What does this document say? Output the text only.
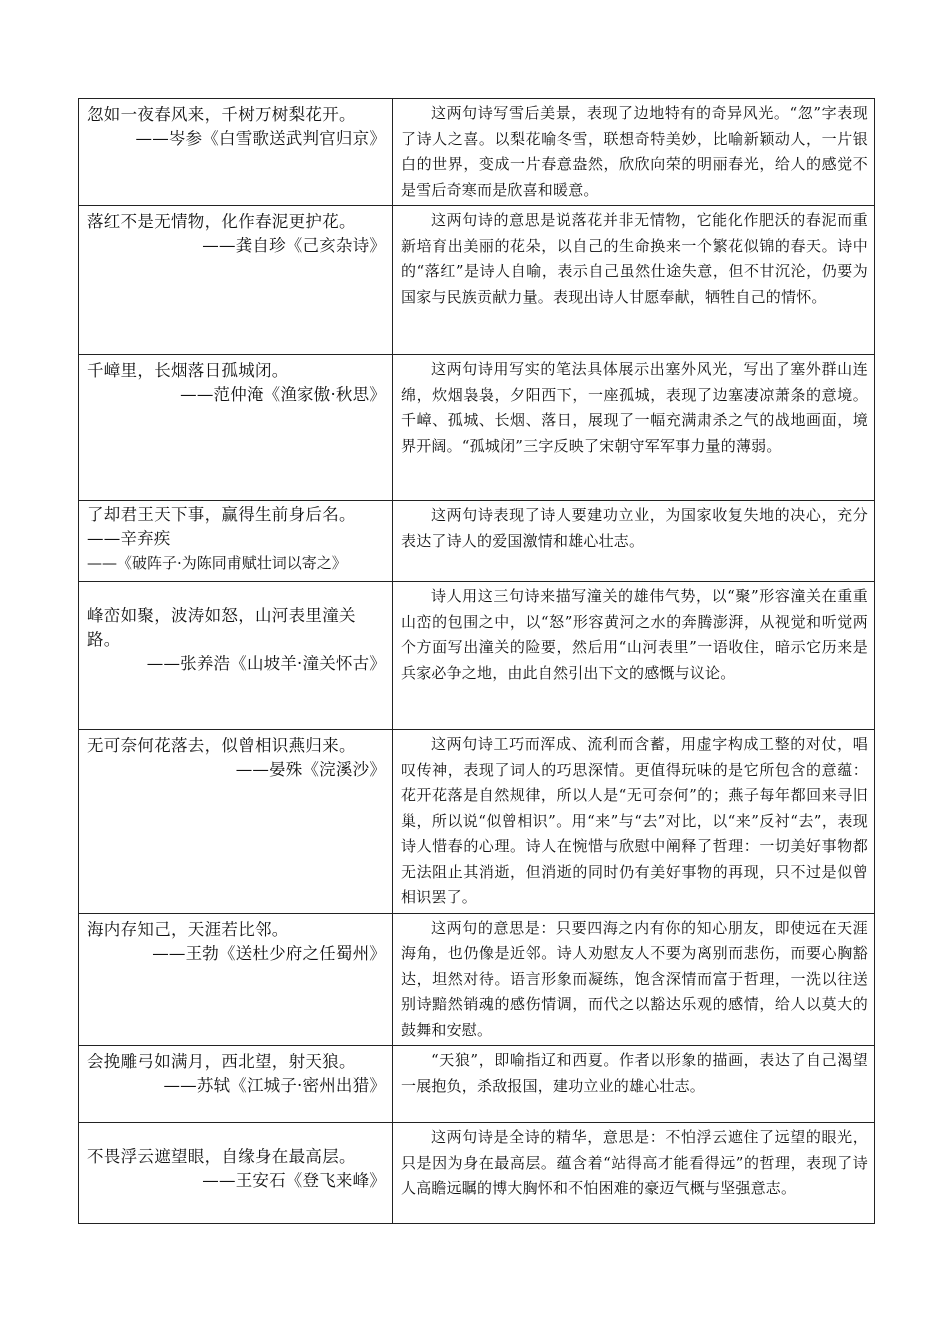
忽如一夜春风来，千树万树梨花开。
——岑参《白雪歌送武判官归京》	这两句诗写雪后美景，表现了边地特有的奇异风光。“忽”字表现了诗人之喜。以梨花喻冬雪，联想奇特美妙，比喻新颖动人，一片银白的世界，变成一片春意盎然，欣欣向荣的明丽春光，给人的感觉不是雪后奇寒而是欣喜和暖意。

落红不是无情物，化作春泥更护花。
——龚自珍《己亥杂诗》	这两句诗的意思是说落花并非无情物，它能化作肥沃的春泥而重新培育出美丽的花朵，以自己的生命换来一个繁花似锦的春天。诗中的“落红”是诗人自喻，表示自己虽然仕途失意，但不甘沉沦，仍要为国家与民族贡献力量。表现出诗人甘愿奉献，牺牲自己的情怀。

千嶂里，长烟落日孤城闭。
——范仲淹《渔家傲·秋思》	这两句诗用写实的笔法具体展示出塞外风光，写出了塞外群山连绵，炊烟袅袅，夕阳西下，一座孤城，表现了边塞凄凉萧条的意境。千嶂、孤城、长烟、落日，展现了一幅充满肃杀之气的战地画面，境界开阔。“孤城闭”三字反映了宋朝守军军事力量的薄弱。

了却君王天下事，赢得生前身后名。
——辛弃疾
——《破阵子·为陈同甫赋壮词以寄之》	这两句诗表现了诗人要建功立业，为国家收复失地的决心，充分表达了诗人的爱国激情和雄心壮志。

峰峦如聚，波涛如怒，山河表里潼关路。
——张养浩《山坡羊·潼关怀古》	诗人用这三句诗来描写潼关的雄伟气势，以“聚”形容潼关在重重山峦的包围之中，以“怒”形容黄河之水的奔腾澎湃，从视觉和听觉两个方面写出潼关的险要，然后用“山河表里”一语收住，暗示它历来是兵家必争之地，由此自然引出下文的感慨与议论。

无可奈何花落去，似曾相识燕归来。
——晏殊《浣溪沙》	这两句诗工巧而浑成、流利而含蓄，用虚字构成工整的对仗，唱叹传神，表现了词人的巧思深情。更值得玩味的是它所包含的意蕴：花开花落是自然规律，所以人是“无可奈何”的；燕子每年都回来寻旧巢，所以说“似曾相识”。用“来”与“去”对比，以“来”反衬“去”，表现诗人惜春的心理。诗人在惋惜与欣慰中阐释了哲理：一切美好事物都无法阻止其消逝，但消逝的同时仍有美好事物的再现，只不过是似曾相识罢了。

海内存知己，天涯若比邻。
——王勃《送杜少府之任蜀州》	这两句的意思是：只要四海之内有你的知心朋友，即使远在天涯海角，也仍像是近邻。诗人劝慰友人不要为离别而悲伤，而要心胸豁达，坦然对待。语言形象而凝练，饱含深情而富于哲理，一洗以往送别诗黯然销魂的感伤情调，而代之以豁达乐观的感情，给人以莫大的鼓舞和安慰。

会挽雕弓如满月，西北望，射天狼。
——苏轼《江城子·密州出猎》	“天狼”，即喻指辽和西夏。作者以形象的描画，表达了自己渴望一展抱负，杀敌报国，建功立业的雄心壮志。

不畏浮云遮望眼，自缘身在最高层。
——王安石《登飞来峰》	这两句诗是全诗的精华，意思是：不怕浮云遮住了远望的眼光，只是因为身在最高层。蕴含着“站得高才能看得远”的哲理，表现了诗人高瞻远瞩的博大胸怀和不怕困难的豪迈气概与坚强意志。
